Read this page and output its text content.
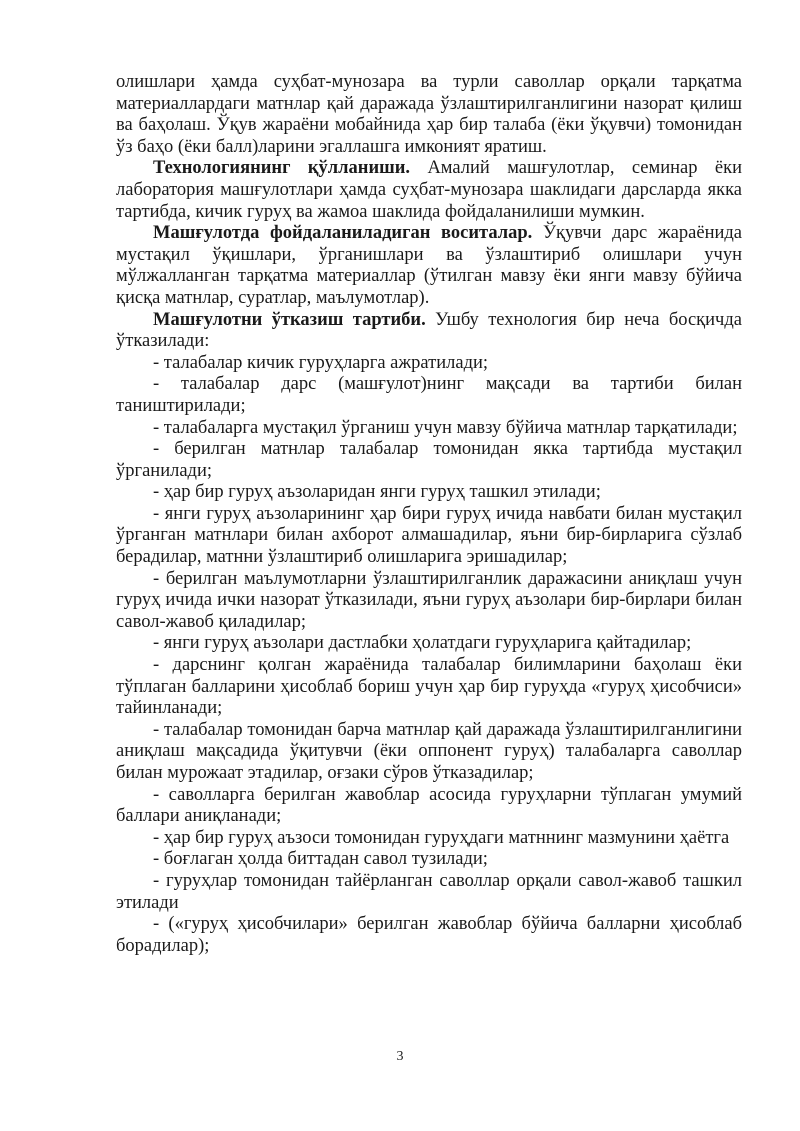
олишлари ҳамда суҳбат-мунозара ва турли саволлар орқали тарқатма материаллардаги матнлар қай даражада ўзлаштирилганлигини назорат қилиш ва баҳолаш. Ўқув жараёни мобайнида ҳар бир талаба (ёки ўқувчи) томонидан ўз баҳо (ёки балл)ларини эгаллашга имконият яратиш.

Технологиянинг қўлланиши. Амалий машғулотлар, семинар ёки лаборатория машғулотлари ҳамда суҳбат-мунозара шаклидаги дарсларда якка тартибда, кичик гуруҳ ва жамоа шаклида фойдаланилиши мумкин.

Машғулотда фойдаланиладиган воситалар. Ўқувчи дарс жараёнида мустақил ўқишлари, ўрганишлари ва ўзлаштириб олишлари учун мўлжалланган тарқатма материаллар (ўтилган мавзу ёки янги мавзу бўйича қисқа матнлар, суратлар, маълумотлар).

Машғулотни ўтказиш тартиби. Ушбу технология бир неча босқичда ўтказилади:

- талабалар кичик гуруҳларга ажратилади;

- талабалар дарс (машғулот)нинг мақсади ва тартиби билан таништирилади;

- талабаларга мустақил ўрганиш учун мавзу бўйича матнлар тарқатилади;

- берилган матнлар талабалар томонидан якка тартибда мустақил ўрганилади;

- ҳар бир гуруҳ аъзоларидан янги гуруҳ ташкил этилади;

- янги гуруҳ аъзоларининг ҳар бири гуруҳ ичида навбати билан мустақил ўрганган матнлари билан ахборот алмашадилар, яъни бир-бирларига сўзлаб берадилар, матнни ўзлаштириб олишларига эришадилар;

- берилган маълумотларни ўзлаштирилганлик даражасини аниқлаш учун гуруҳ ичида ички назорат ўтказилади, яъни гуруҳ аъзолари бир-бирлари билан савол-жавоб қиладилар;

- янги гуруҳ аъзолари дастлабки ҳолатдаги гуруҳларига қайтадилар;

- дарснинг қолган жараёнида талабалар билимларини баҳолаш ёки тўплаган балларини ҳисоблаб бориш учун ҳар бир гуруҳда «гуруҳ ҳисобчиси» тайинланади;

- талабалар томонидан барча матнлар қай даражада ўзлаштирилганлигини аниқлаш мақсадида ўқитувчи (ёки оппонент гуруҳ) талабаларга саволлар билан мурожаат этадилар, оғзаки сўров ўтказадилар;

- саволларга берилган жавоблар асосида гуруҳларни тўплаган умумий баллари аниқланади;

- ҳар бир гуруҳ аъзоси томонидан гуруҳдаги матннинг мазмунини ҳаётга

- боғлаган ҳолда биттадан савол тузилади;

- гуруҳлар томонидан тайёрланган саволлар орқали савол-жавоб ташкил этилади

- («гуруҳ ҳисобчилари» берилган жавоблар бўйича балларни ҳисоблаб борадилар);

3
